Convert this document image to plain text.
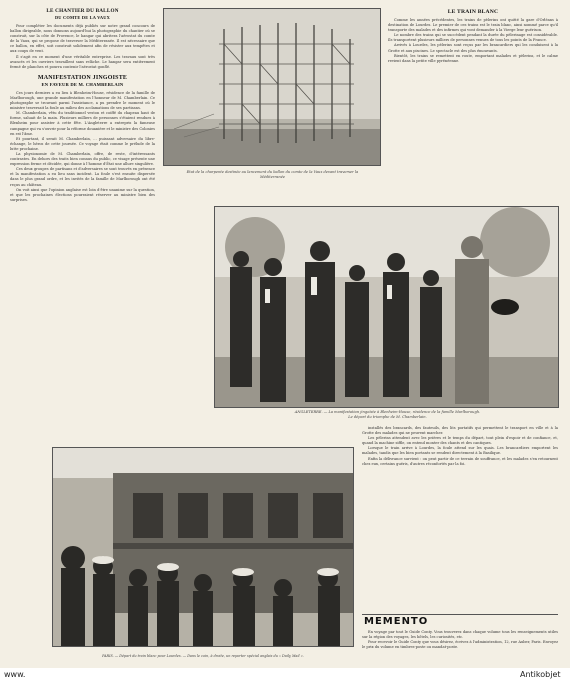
LE CHANTIER DU BALLON
DU COMTE DE LA VAUX

Pour compléter les documents déjà publiés sur notre grand concours de ballon dirigeable, nous donnons aujourd'hui la photographie du chantier où se construit, sur la côte de Provence, le hangar qui abritera l'aérostat du comte de la Vaux, qui se propose de traverser la Méditerranée. Il est nécessaire que ce ballon, en effet, soit construit solidement afin de résister aux tempêtes et aux coups de vent.

Il s'agit en ce moment d'une véritable entreprise. Les travaux sont très avancés et les ouvriers travaillent sans relâche. Le hangar sera entièrement fermé de planches et pourra contenir l'aérostat gonflé.

MANIFESTATION JINGOISTE
EN FAVEUR DE M. CHAMBERLAIN

Ces jours derniers a eu lieu à Blenheim-House, résidence de la famille de Marlborough, une grande manifestation en l'honneur de M. Chamberlain. Ce photographe se trouvant parmi l'assistance, a pu prendre le moment où le ministre traversait la foule au milieu des acclamations de ses partisans.

M. Chamberlain, vêtu du traditionnel veston et coiffé du chapeau haut de forme, saluait de la main. Plusieurs milliers de personnes s'étaient rendues à Blenheim pour assister à cette fête. L'Angleterre a entrepris la fameuse campagne qui va s'ouvrir pour la réforme douanière et le ministre des Colonies en est l'âme.

Et pourtant, il serait M. Chamberlain, ... puissant adversaire du libre-échange, le héros de cette journée. Ce voyage était comme le prélude de la lutte prochaine.

La physionomie de M. Chamberlain, offre, de reste, d'intéressants contrastes. En dehors des traits bien connus du public, ce visage présente une expression ferme et décidée, qui donne à l'homme d'État une allure singulière.

Ces deux groupes de partisans et d'adversaires se sont trouvés en présence et la manifestation a eu lieu sans incident. La foule s'est ensuite dispersée dans le plus grand ordre, et les invités de la famille de Marlborough ont été reçus au château.

On voit ainsi que l'opinion anglaise est loin d'être unanime sur la question, et que les prochaines élections pourraient réserver au ministre bien des surprises.

État de la charpente destinée au lancement du ballon du comte de la Vaux devant traverser la Méditerranée
LE TRAIN BLANC

Comme les années précédentes, les trains de pèlerins ont quitté la gare d'Orléans à destination de Lourdes. Le premier de ces trains est le train blanc, ainsi nommé parce qu'il transporte des malades et des infirmes qui vont demander à la Vierge leur guérison.

Le nombre des trains qui se succèdent pendant la durée du pèlerinage est considérable. Ils transportent plusieurs milliers de personnes venues de tous les points de la France.

Arrivés à Lourdes, les pèlerins sont reçus par les brancardiers qui les conduisent à la Grotte et aux piscines. Le spectacle est des plus émouvants.

Bientôt, les trains se remettent en route, emportant malades et pèlerins, et le calme revient dans la petite ville pyrénéenne.

ANGLETERRE. — La manifestation jingoïste à Blenheim-House, résidence de la famille Marlborough.
Le départ du triomphe de M. Chamberlain.
PARIS. — Départ du train blanc pour Lourdes. — Dans le coin, à droite, un reporter spécial anglais du « Daily Mail ».

installés des brancards, des fauteuils, des lits portatifs qui permettent le transport en ville et à la Grotte des malades qui ne peuvent marcher.

Les pèlerins attendent avec les prières et le temps du départ, tout plein d'espoir et de confiance, et, quand la machine siffle, on entend monter des chants et des cantiques.

Lorsque le train arrive à Lourdes, la foule attend sur les quais. Les brancardiers emportent les malades, tandis que les bien portants se rendent directement à la Basilique.

Enfin la délivrance survient : on peut partir de ce terrain de souffrance, et les malades s'en retournent chez eux, certains guéris, d'autres réconfortés par la foi.

MEMENTO

En voyage par tout le Guide Conty. Vous trouverez dans chaque volume tous les renseignements utiles sur la région des voyages, les hôtels, les curiosités, etc.

Pour recevoir le Guide Conty que vous désirez, écrivez à l'administration, 12, rue Auber, Paris. Envoyez le prix du volume en timbres-poste ou mandat-poste.

www.	Antikobjet
